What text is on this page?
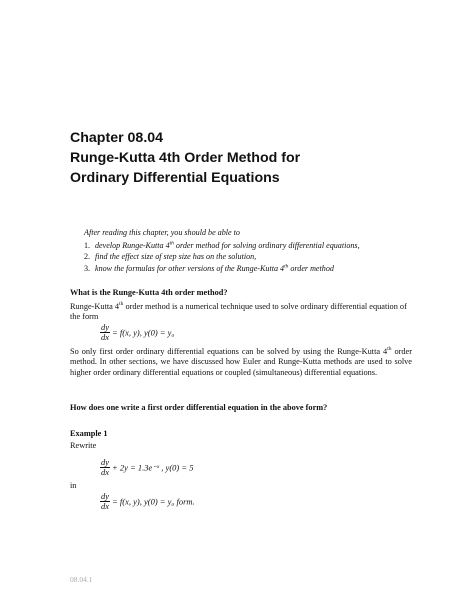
Chapter 08.04
Runge-Kutta 4th Order Method for
Ordinary Differential Equations
After reading this chapter, you should be able to
1. develop Runge-Kutta 4th order method for solving ordinary differential equations,
2. find the effect size of step size has on the solution,
3. know the formulas for other versions of the Runge-Kutta 4th order method
What is the Runge-Kutta 4th order method?
Runge-Kutta 4th order method is a numerical technique used to solve ordinary differential equation of the form
$\frac{dy}{dx} = f(x$, y), y(0) = y₀
So only first order ordinary differential equations can be solved by using the Runge-Kutta 4th order method. In other sections, we have discussed how Euler and Runge-Kutta methods are used to solve higher order ordinary differential equations or coupled (simultaneous) differential equations.
How does one write a first order differential equation in the above form?
Example 1
Rewrite
$\frac{dy}{dx} + 2y$ = 1.3e⁻ˣ , y(0) = 5
in
$\frac{dy}{dx} = f(x$, y), y(0) = y₀ form.
08.04.1
